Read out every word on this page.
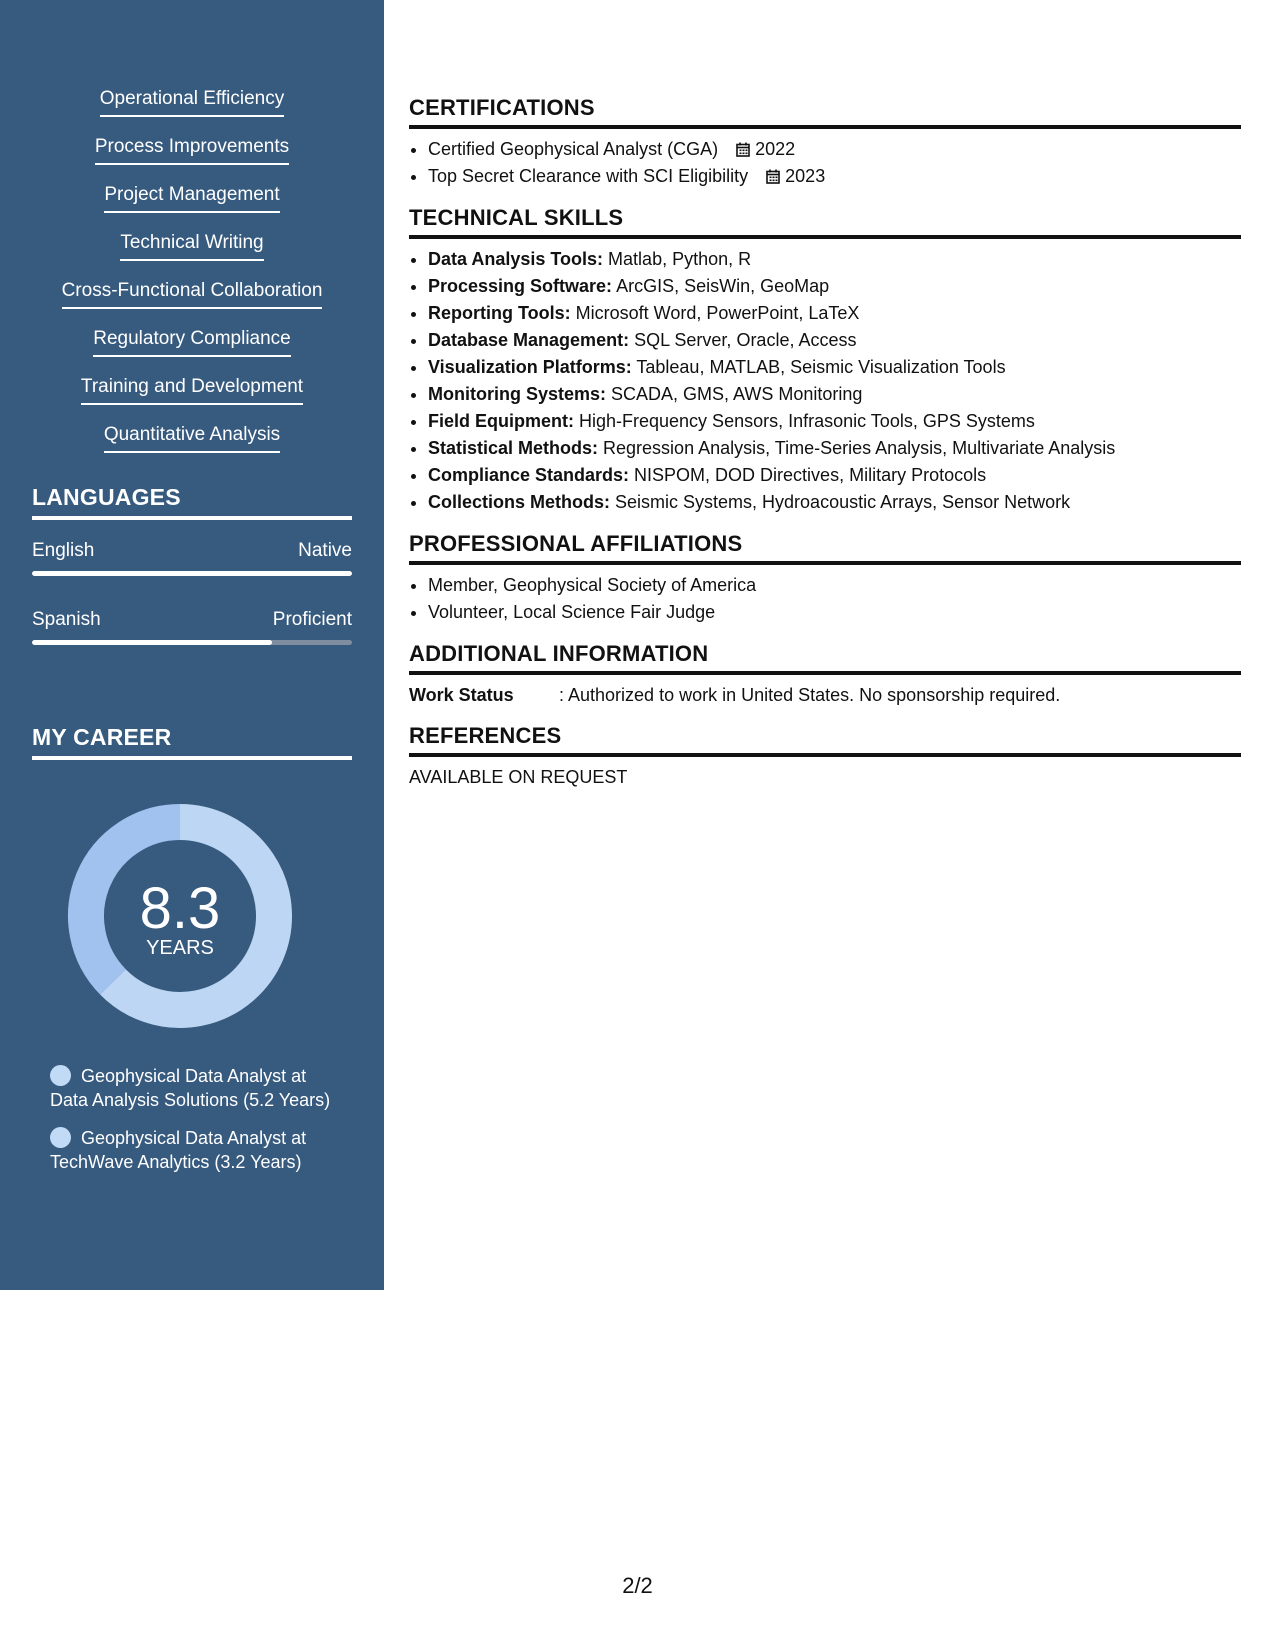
Operational Efficiency
Process Improvements
Project Management
Technical Writing
Cross-Functional Collaboration
Regulatory Compliance
Training and Development
Quantitative Analysis
LANGUAGES
English	Native
Spanish	Proficient
MY CAREER
8.3
YEARS
Geophysical Data Analyst at Data Analysis Solutions (5.2 Years)
Geophysical Data Analyst at TechWave Analytics (3.2 Years)
CERTIFICATIONS
• Certified Geophysical Analyst (CGA) 2022
• Top Secret Clearance with SCI Eligibility 2023
TECHNICAL SKILLS
• Data Analysis Tools: Matlab, Python, R
• Processing Software: ArcGIS, SeisWin, GeoMap
• Reporting Tools: Microsoft Word, PowerPoint, LaTeX
• Database Management: SQL Server, Oracle, Access
• Visualization Platforms: Tableau, MATLAB, Seismic Visualization Tools
• Monitoring Systems: SCADA, GMS, AWS Monitoring
• Field Equipment: High-Frequency Sensors, Infrasonic Tools, GPS Systems
• Statistical Methods: Regression Analysis, Time-Series Analysis, Multivariate Analysis
• Compliance Standards: NISPOM, DOD Directives, Military Protocols
• Collections Methods: Seismic Systems, Hydroacoustic Arrays, Sensor Network
PROFESSIONAL AFFILIATIONS
• Member, Geophysical Society of America
• Volunteer, Local Science Fair Judge
ADDITIONAL INFORMATION
Work Status	: Authorized to work in United States. No sponsorship required.
REFERENCES
AVAILABLE ON REQUEST
2/2
